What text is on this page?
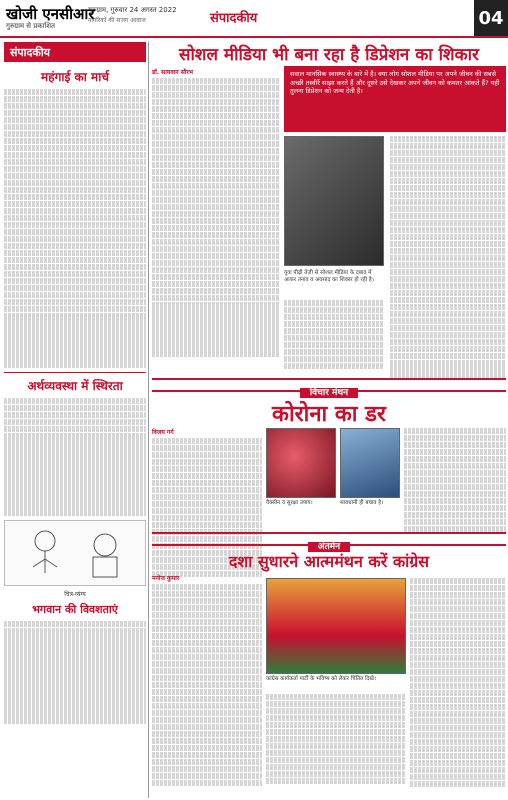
खोजी एनसीआर
गुरुग्राम से प्रकाशित
गुरुग्राम, गुरुवार 24 अगस्त 2022
नागरिकों की सजग आवाज	संपादकीय	04
संपादकीय
महंगाई का मार्च
अर्थव्यवस्था में स्थिरता
चित्र-व्यंग्य
भगवान की विवशताएं
सोशल मीडिया भी बना रहा है डिप्रेशन का शिकार
डॉ. सत्यवान सौरभ	सवाल मानसिक स्वास्थ्य के बारे में है। क्या लोग सोशल मीडिया पर अपने जीवन की सबसे अच्छी तस्वीरें साझा करते हैं और दूसरे उसे देखकर अपने जीवन को कमतर आंकते हैं? यही तुलना डिप्रेशन को जन्म देती है।
युवा पीढ़ी तेज़ी से सोशल मीडिया के दबाव में आकर तनाव व अवसाद का शिकार हो रही है।
विचार मंथन
कोरोना का डर
विजय गर्ग
वैक्सीन व सुरक्षा उपाय।	सावधानी ही बचाव है।
अंतर्मन
दशा सुधारने आत्ममंथन करें कांग्रेस
मनोज कुमार
कांग्रेस कार्यकर्ता पार्टी के भविष्य को लेकर चिंतित दिखे।
